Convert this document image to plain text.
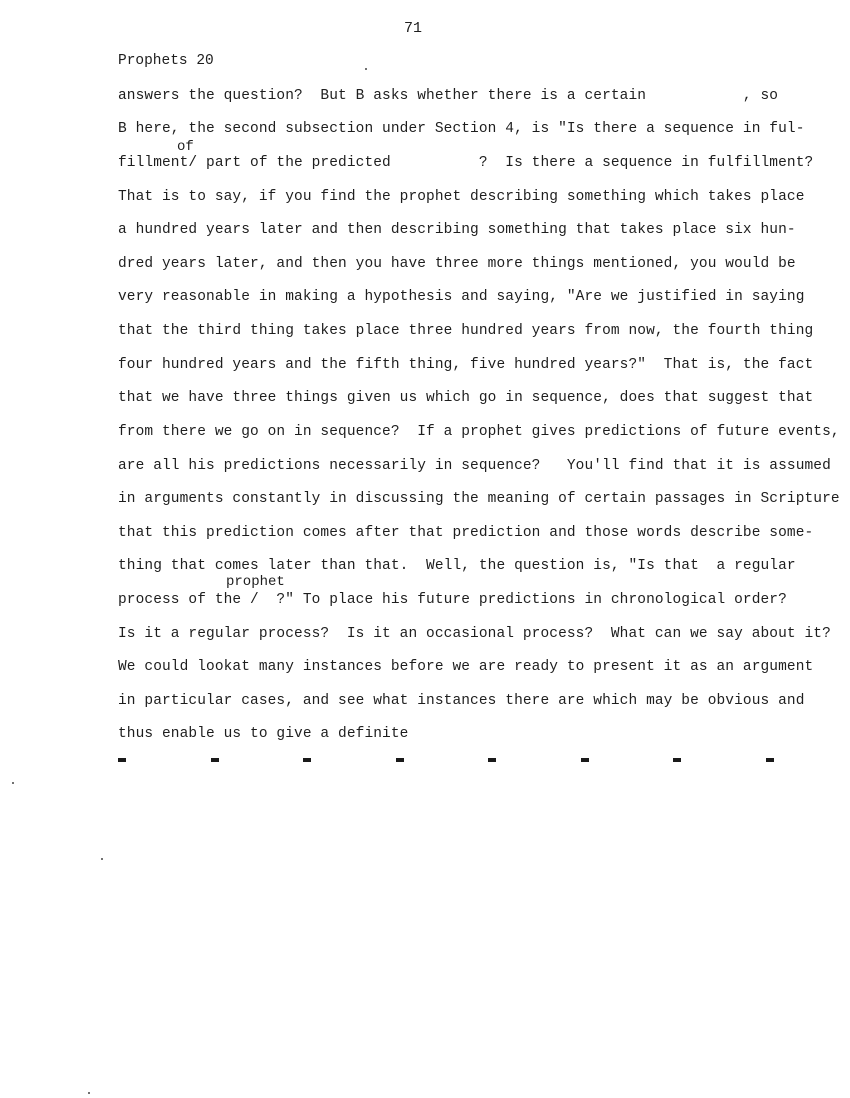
71
Prophets 20
of
prophet
answers the question?  But B asks whether there is a certain           , so
B here, the second subsection under Section 4, is "Is there a sequence in ful-
fillment/ part of the predicted          ?  Is there a sequence in fulfillment?
That is to say, if you find the prophet describing something which takes place
a hundred years later and then describing something that takes place six hun-
dred years later, and then you have three more things mentioned, you would be
very reasonable in making a hypothesis and saying, "Are we justified in saying
that the third thing takes place three hundred years from now, the fourth thing
four hundred years and the fifth thing, five hundred years?"  That is, the fact
that we have three things given us which go in sequence, does that suggest that
from there we go on in sequence?  If a prophet gives predictions of future events,
are all his predictions necessarily in sequence?   You'll find that it is assumed
in arguments constantly in discussing the meaning of certain passages in Scripture
that this prediction comes after that prediction and those words describe some-
thing that comes later than that.  Well, the question is, "Is that  a regular
process of the /  ?" To place his future predictions in chronological order?
Is it a regular process?  Is it an occasional process?  What can we say about it?
We could lookat many instances before we are ready to present it as an argument
in particular cases, and see what instances there are which may be obvious and
thus enable us to give a definite
